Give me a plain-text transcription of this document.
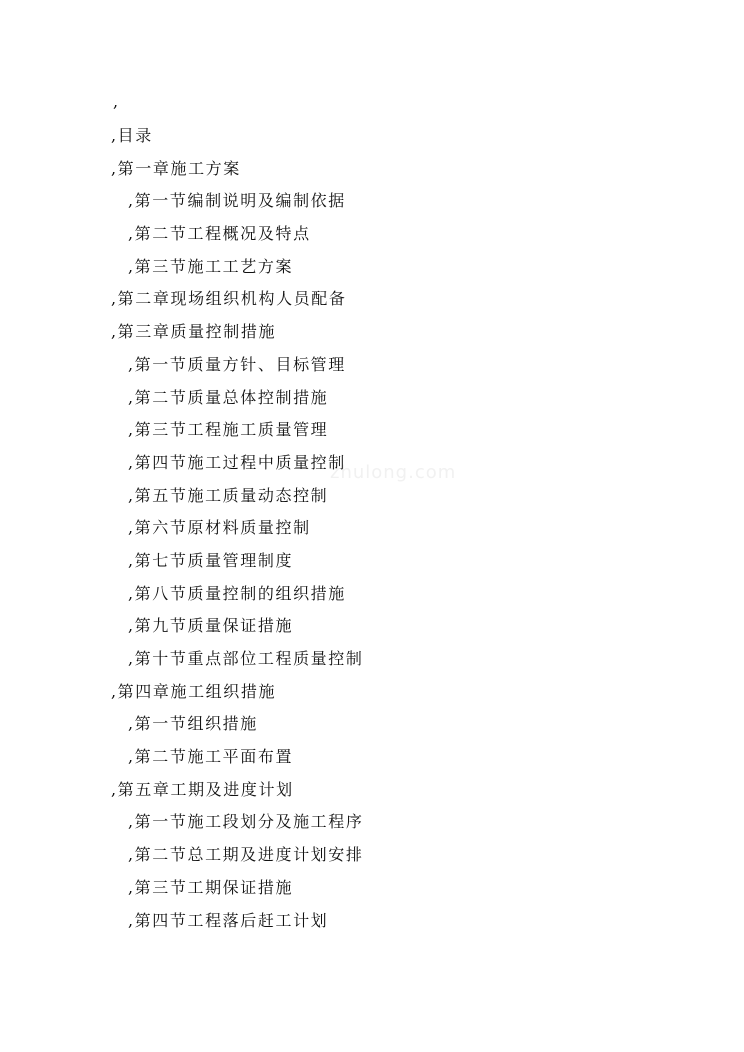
zhulong.com
,
,目录
,第一章施工方案
,第一节编制说明及编制依据
,第二节工程概况及特点
,第三节施工工艺方案
,第二章现场组织机构人员配备
,第三章质量控制措施
,第一节质量方针、目标管理
,第二节质量总体控制措施
,第三节工程施工质量管理
,第四节施工过程中质量控制
,第五节施工质量动态控制
,第六节原材料质量控制
,第七节质量管理制度
,第八节质量控制的组织措施
,第九节质量保证措施
,第十节重点部位工程质量控制
,第四章施工组织措施
,第一节组织措施
,第二节施工平面布置
,第五章工期及进度计划
,第一节施工段划分及施工程序
,第二节总工期及进度计划安排
,第三节工期保证措施
,第四节工程落后赶工计划
